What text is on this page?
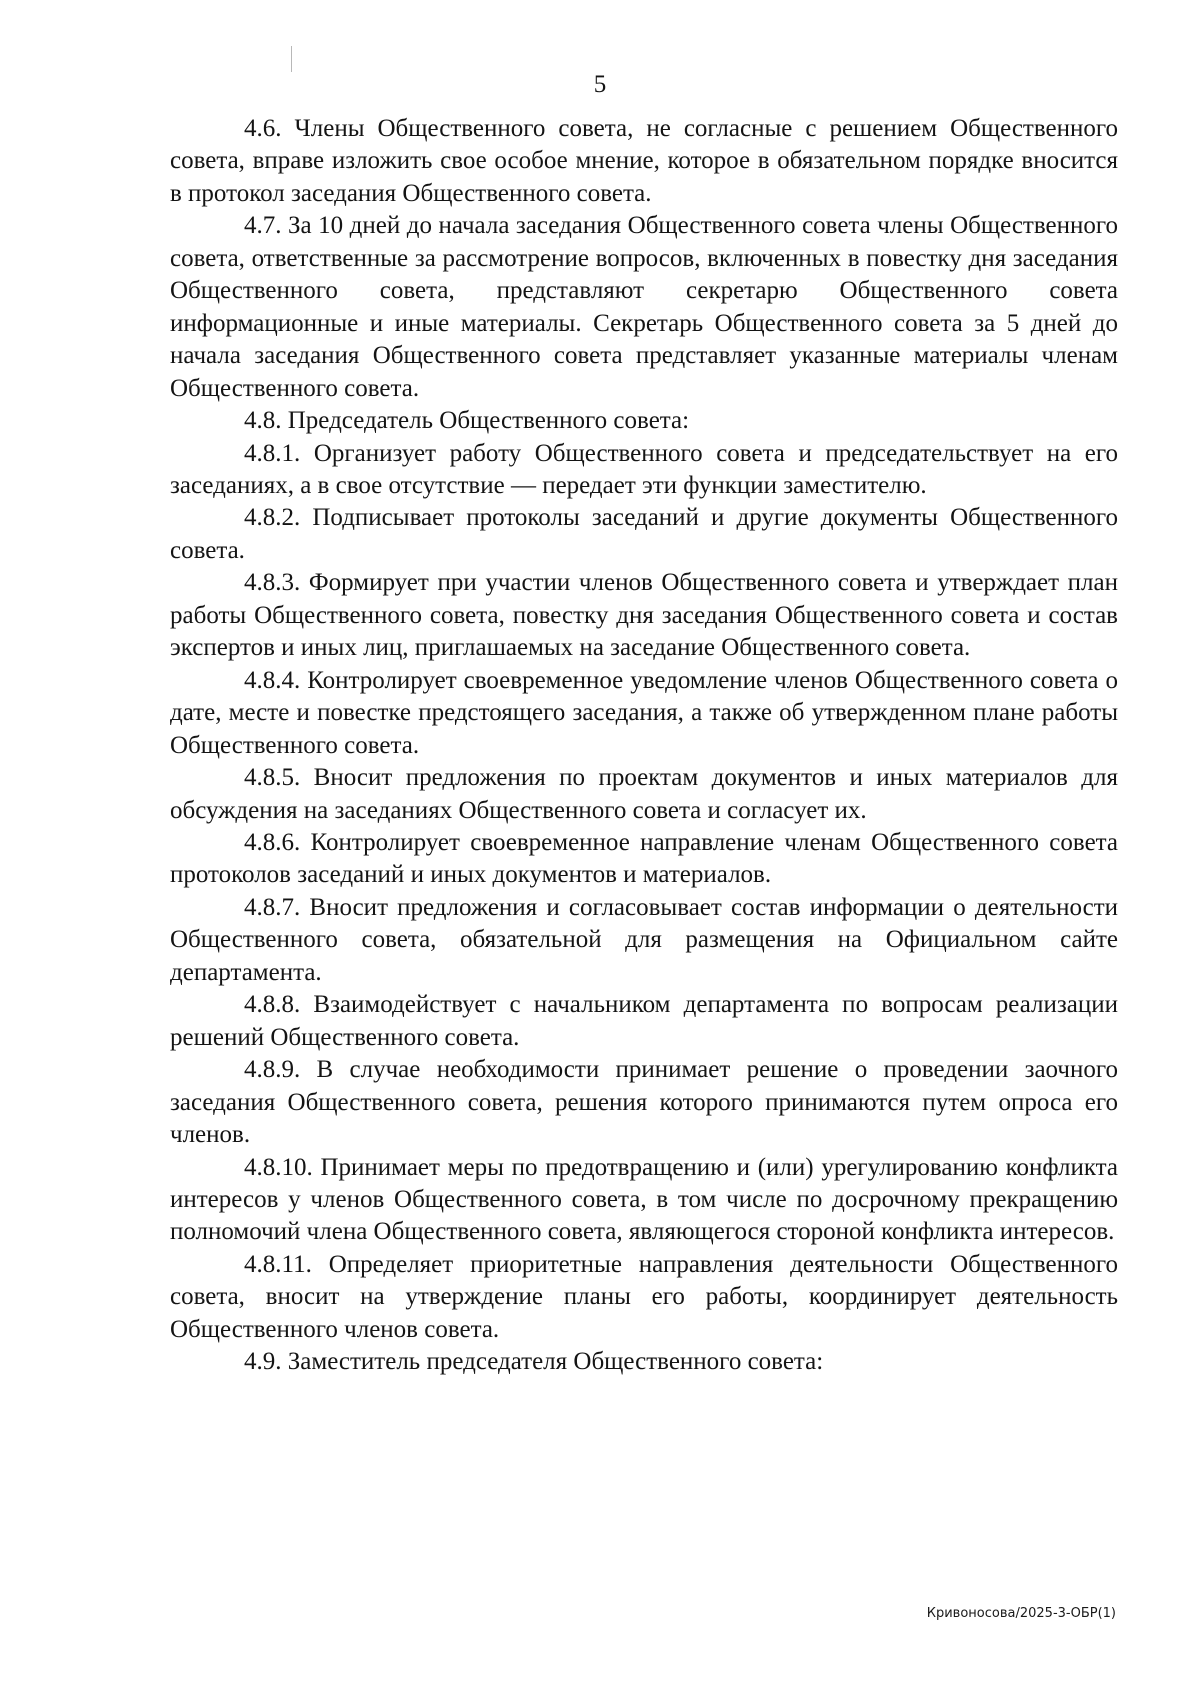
5

4.6. Члены Общественного совета, не согласные с решением Общественного совета, вправе изложить свое особое мнение, которое в обязательном порядке вносится в протокол заседания Общественного совета.

4.7. За 10 дней до начала заседания Общественного совета члены Общественного совета, ответственные за рассмотрение вопросов, включенных в повестку дня заседания Общественного совета, представляют секретарю Общественного совета информационные и иные материалы. Секретарь Общественного совета за 5 дней до начала заседания Общественного совета представляет указанные материалы членам Общественного совета.

4.8. Председатель Общественного совета:

4.8.1. Организует работу Общественного совета и председательствует на его заседаниях, а в свое отсутствие — передает эти функции заместителю.

4.8.2. Подписывает протоколы заседаний и другие документы Общественного совета.

4.8.3. Формирует при участии членов Общественного совета и утверждает план работы Общественного совета, повестку дня заседания Общественного совета и состав экспертов и иных лиц, приглашаемых на заседание Общественного совета.

4.8.4. Контролирует своевременное уведомление членов Общественного совета о дате, месте и повестке предстоящего заседания, а также об утвержденном плане работы Общественного совета.

4.8.5. Вносит предложения по проектам документов и иных материалов для обсуждения на заседаниях Общественного совета и согласует их.

4.8.6. Контролирует своевременное направление членам Общественного совета протоколов заседаний и иных документов и материалов.

4.8.7. Вносит предложения и согласовывает состав информации о деятельности Общественного совета, обязательной для размещения на Официальном сайте департамента.

4.8.8. Взаимодействует с начальником департамента по вопросам реализации решений Общественного совета.

4.8.9. В случае необходимости принимает решение о проведении заочного заседания Общественного совета, решения которого принимаются путем опроса его членов.

4.8.10. Принимает меры по предотвращению и (или) урегулированию конфликта интересов у членов Общественного совета, в том числе по досрочному прекращению полномочий члена Общественного совета, являющегося стороной конфликта интересов.

4.8.11. Определяет приоритетные направления деятельности Общественного совета, вносит на утверждение планы его работы, координирует деятельность Общественного членов совета.

4.9. Заместитель председателя Общественного совета:

Кривоносова/2025-3-ОБР(1)
